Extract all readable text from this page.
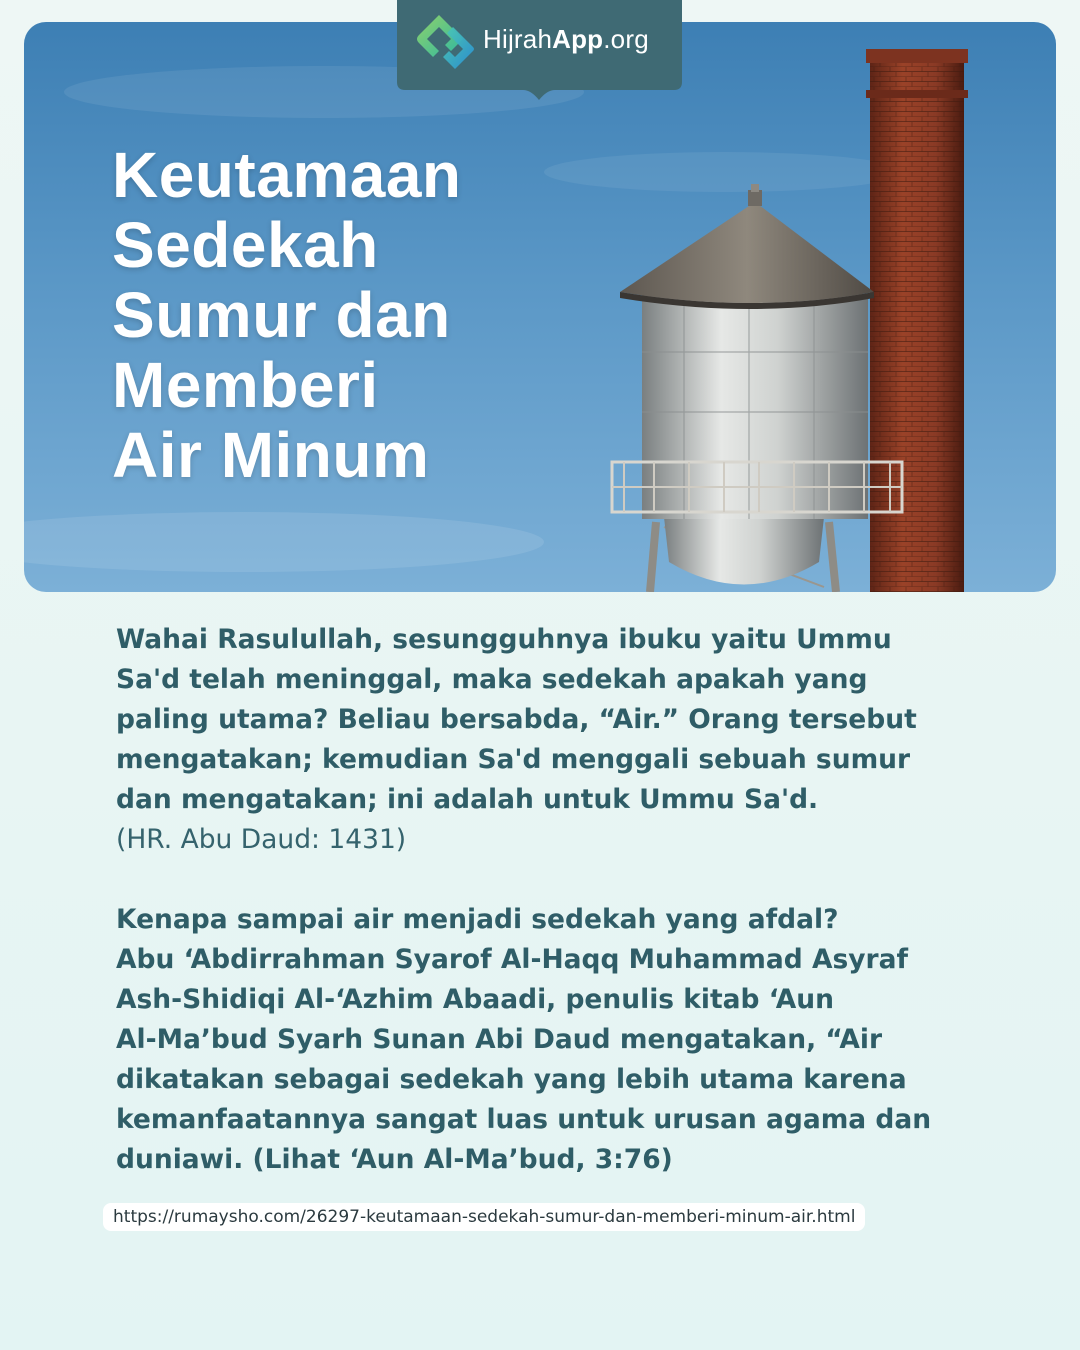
Keutamaan
Sedekah
Sumur dan
Memberi
Air Minum
HijrahApp.org

Wahai Rasulullah, sesungguhnya ibuku yaitu Ummu
Sa'd telah meninggal, maka sedekah apakah yang
paling utama? Beliau bersabda, “Air.” Orang tersebut
mengatakan; kemudian Sa'd menggali sebuah sumur
dan mengatakan; ini adalah untuk Ummu Sa'd.

(HR. Abu Daud: 1431)

Kenapa sampai air menjadi sedekah yang afdal?
Abu ‘Abdirrahman Syarof Al-Haqq Muhammad Asyraf
Ash-Shidiqi Al-‘Azhim Abaadi, penulis kitab ‘Aun
Al-Ma’bud Syarh Sunan Abi Daud mengatakan, “Air
dikatakan sebagai sedekah yang lebih utama karena
kemanfaatannya sangat luas untuk urusan agama dan
duniawi. (Lihat ‘Aun Al-Ma’bud, 3:76)

https://rumaysho.com/26297-keutamaan-sedekah-sumur-dan-memberi-minum-air.html
